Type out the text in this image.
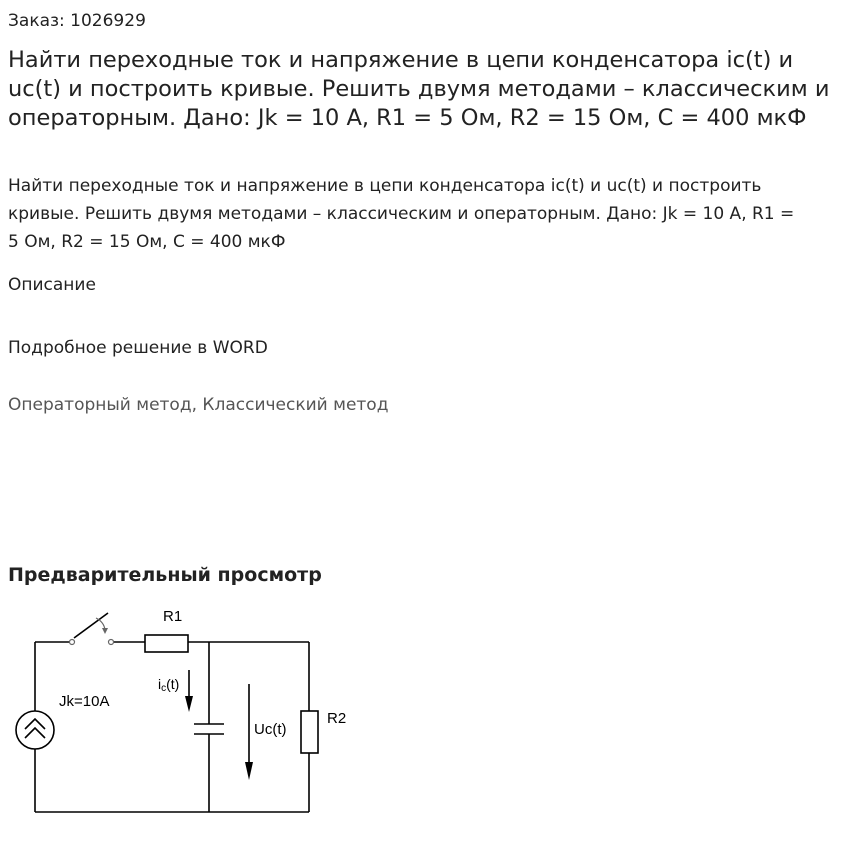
Заказ: 1026929
Найти переходные ток и напряжение в цепи конденсатора ic(t) и uc(t) и построить кривые. Решить двумя методами – классическим и операторным. Дано: Jk = 10 A, R1 = 5 Ом, R2 = 15 Ом, C = 400 мкФ

Найти переходные ток и напряжение в цепи конденсатора ic(t) и uc(t) и построить кривые. Решить двумя методами – классическим и операторным. Дано: Jk = 10 A, R1 = 5 Ом, R2 = 15 Ом, C = 400 мкФ

Описание
Подробное решение в WORD
Операторный метод, Классический метод
Предварительный просмотр
R1
R2
Jk=10A
ic(t)
Uc(t)
